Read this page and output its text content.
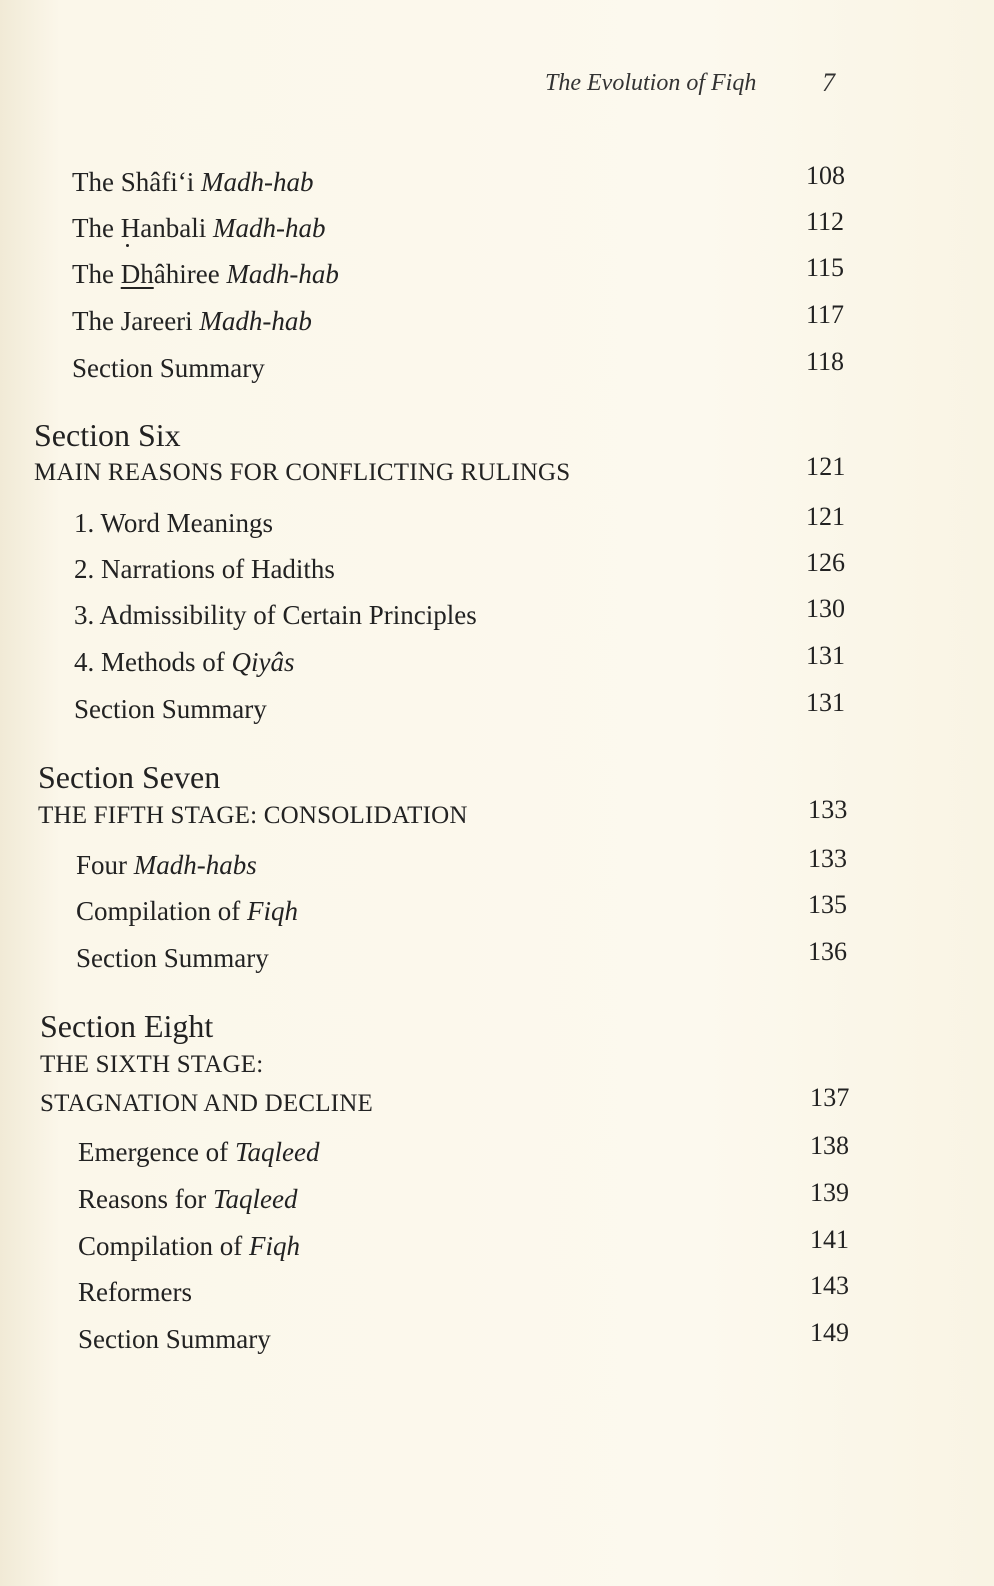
The Evolution of Fiqh	7
The Shâfi‘i Madh-hab	108
The Hanbali Madh-hab	112
The Dhâhiree Madh-hab	115
The Jareeri Madh-hab	117
Section Summary	118
Section Six
MAIN REASONS FOR CONFLICTING RULINGS	121
1. Word Meanings	121
2. Narrations of Hadiths	126
3. Admissibility of Certain Principles	130
4. Methods of Qiyâs	131
Section Summary	131
Section Seven
THE FIFTH STAGE: CONSOLIDATION	133
Four Madh-habs	133
Compilation of Fiqh	135
Section Summary	136
Section Eight
THE SIXTH STAGE:
STAGNATION AND DECLINE	137
Emergence of Taqleed	138
Reasons for Taqleed	139
Compilation of Fiqh	141
Reformers	143
Section Summary	149
